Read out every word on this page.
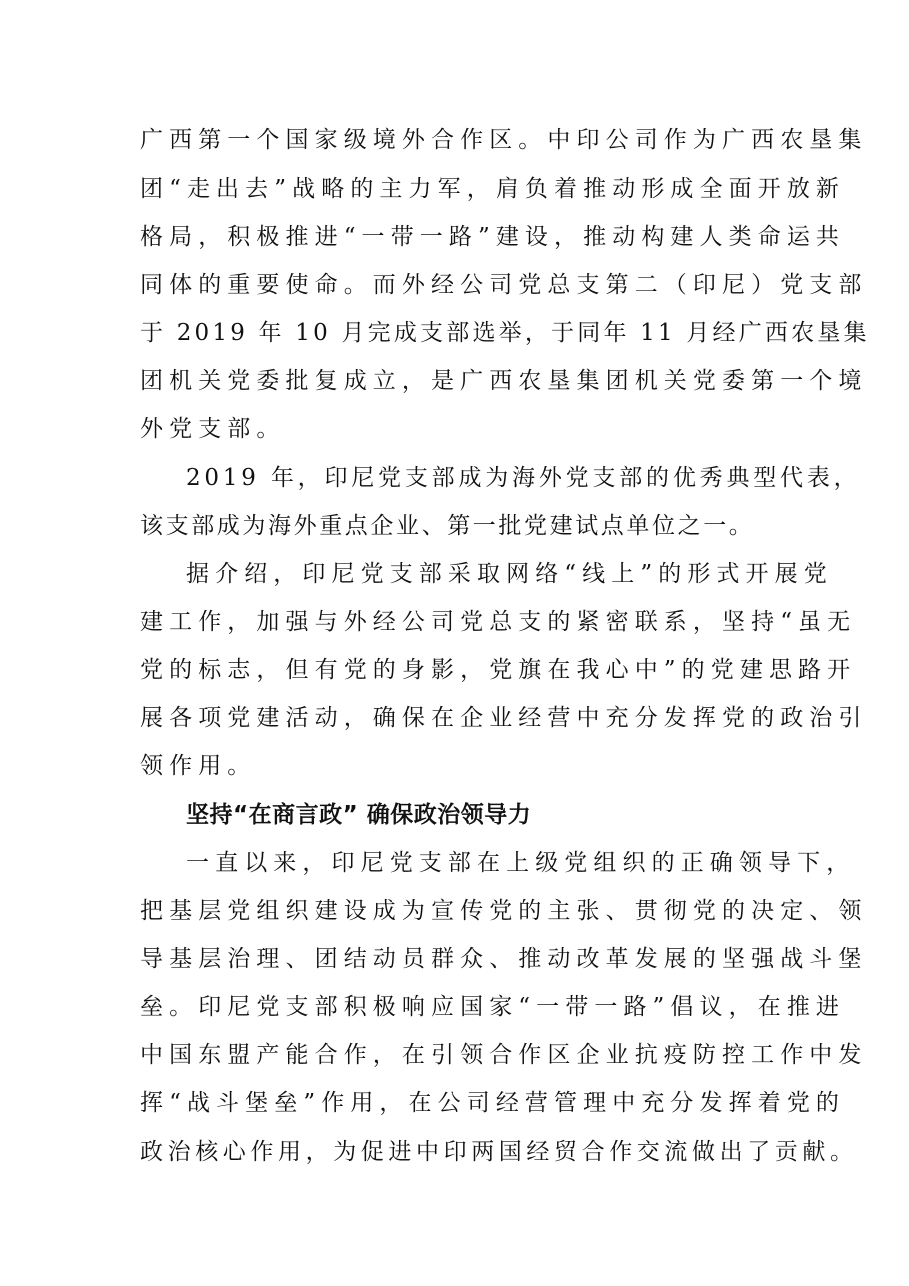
广西第一个国家级境外合作区。中印公司作为广西农垦集
团“走出去”战略的主力军，肩负着推动形成全面开放新
格局，积极推进“一带一路”建设，推动构建人类命运共
同体的重要使命。而外经公司党总支第二（印尼）党支部
于 2019 年 10 月完成支部选举，于同年 11 月经广西农垦集
团机关党委批复成立，是广西农垦集团机关党委第一个境
外党支部。
2019 年，印尼党支部成为海外党支部的优秀典型代表，
该支部成为海外重点企业、第一批党建试点单位之一。
据介绍，印尼党支部采取网络“线上”的形式开展党
建工作，加强与外经公司党总支的紧密联系，坚持“虽无
党的标志，但有党的身影，党旗在我心中”的党建思路开
展各项党建活动，确保在企业经营中充分发挥党的政治引
领作用。
坚持“在商言政” 确保政治领导力
一直以来，印尼党支部在上级党组织的正确领导下，
把基层党组织建设成为宣传党的主张、贯彻党的决定、领
导基层治理、团结动员群众、推动改革发展的坚强战斗堡
垒。印尼党支部积极响应国家“一带一路”倡议，在推进
中国东盟产能合作，在引领合作区企业抗疫防控工作中发
挥“战斗堡垒”作用，在公司经营管理中充分发挥着党的
政治核心作用，为促进中印两国经贸合作交流做出了贡献。
